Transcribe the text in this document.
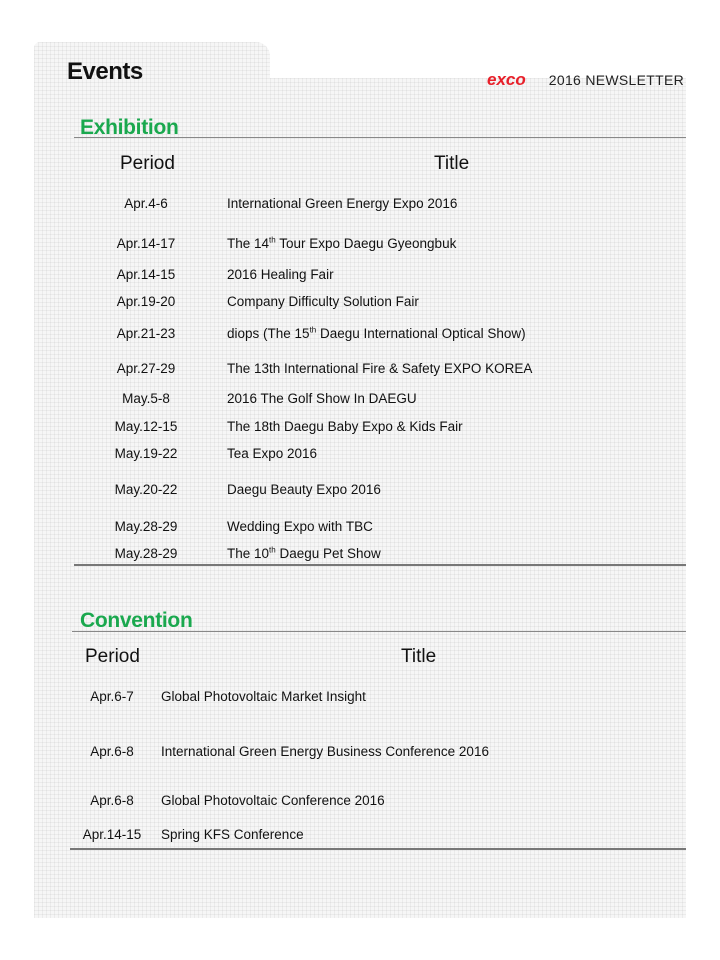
Events	exco 2016 NEWSLETTER
Exhibition
Period	Title
Apr.4-6	International Green Energy Expo 2016
Apr.14-17	The 14th Tour Expo Daegu Gyeongbuk
Apr.14-15	2016 Healing Fair
Apr.19-20	Company Difficulty Solution Fair
Apr.21-23	diops (The 15th Daegu International Optical Show)
Apr.27-29	The 13th International Fire & Safety EXPO KOREA
May.5-8	2016 The Golf Show In DAEGU
May.12-15	The 18th Daegu Baby Expo & Kids Fair
May.19-22	Tea Expo 2016
May.20-22	Daegu Beauty Expo 2016
May.28-29	Wedding Expo with TBC
May.28-29	The 10th Daegu Pet Show
Convention
Period	Title
Apr.6-7	Global Photovoltaic Market Insight
Apr.6-8	International Green Energy Business Conference 2016
Apr.6-8	Global Photovoltaic Conference 2016
Apr.14-15	Spring KFS Conference
